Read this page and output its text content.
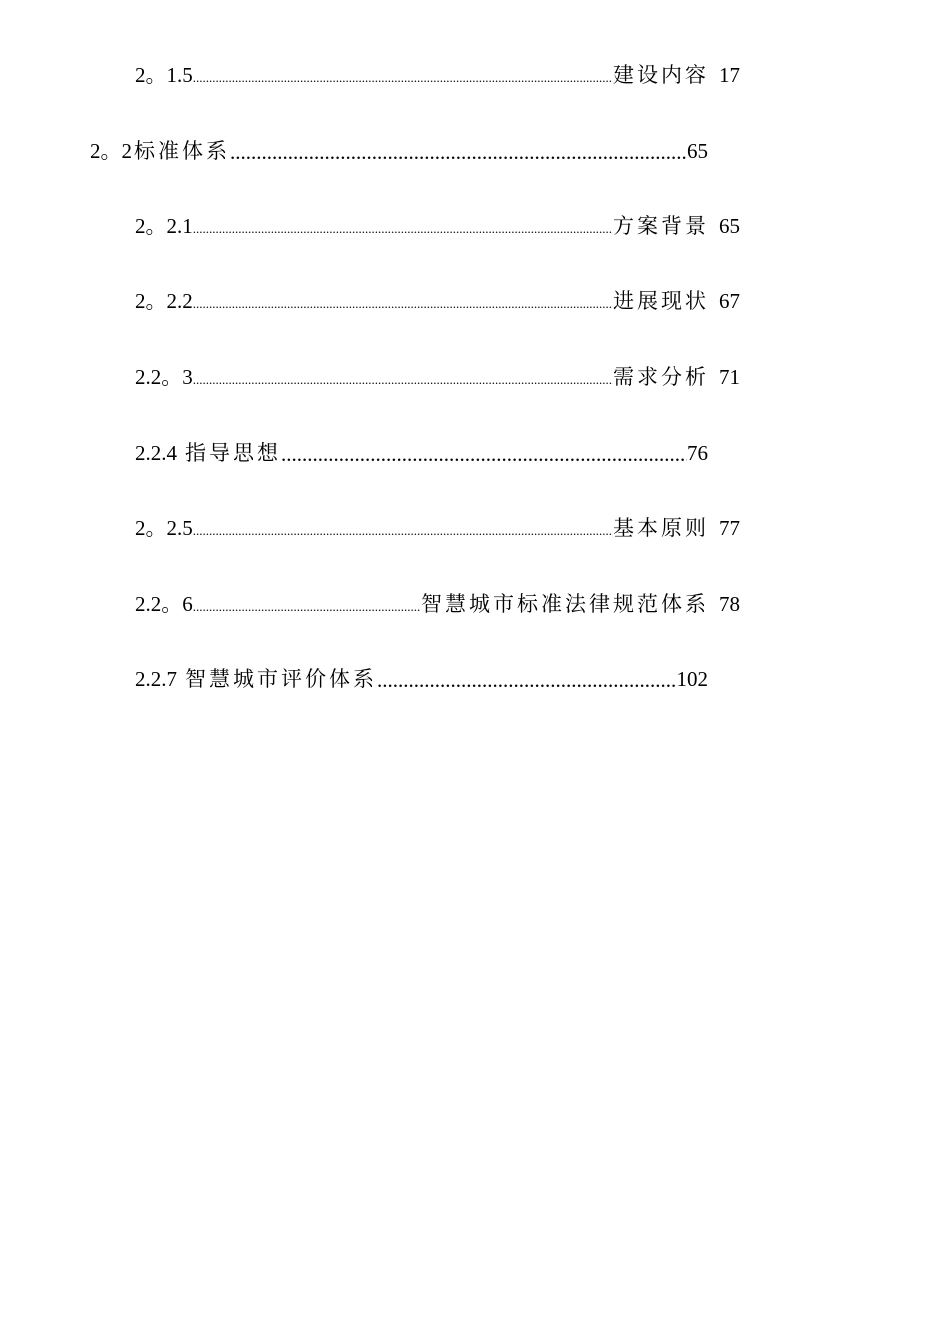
2。1.5 .....	建设内容 17
2。2 标准体系 .....	65
2。2.1 .....	方案背景 65
2。2.2 .....	进展现状 67
2.2。3 .....	需求分析 71
2.2.4 指导思想 .....	76
2。2.5 .....	基本原则 77
2.2。6 .....	智慧城市标准法律规范体系 78
2.2.7 智慧城市评价体系 .....	102
